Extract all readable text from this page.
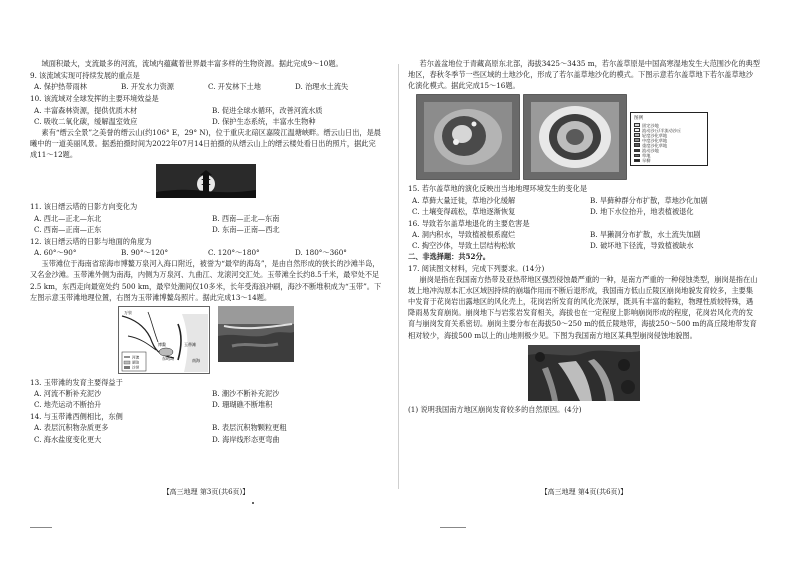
域面积最大，支流最多的河流，流域内蕴藏着世界最丰富多样的生物资源。据此完成9～10题。
9. 该流域实现可持续发展的重点是
A. 保护热带雨林	B. 开发水力资源	C. 开发林下土地	D. 治理水土流失
10. 该流域对全球发挥的主要环境效益是
A. 丰富森林资源，提供优质木材	B. 促进全球水循环，改善河流水质
C. 吸收二氧化碳，缓解温室效应	D. 保护生态系统，丰富水生物种
素有“缙云全景”之美誉的缙云山(约106° E，29° N)，位于重庆北碚区嘉陵江温塘峡畔。缙云山日出，是晨曦中的一道美丽风景。据悉拍摄时间为2022年07月14日拍摄的从缙云山上的缙云楼处看日出的照片，据此完成11～12题。
11. 该日缙云塔的日影方向变化为
A. 西北—正北—东北	B. 西南—正北—东南
C. 西南—正南—正东	D. 东南—正南—西北
12. 该日缙云塔的日影与地面的角度为
A. 60°～90°	B. 90°～120°	C. 120°～180°	D. 180°～360°
玉带滩位于海南省琼海市博鳌万泉河入海口附近，被誉为“最窄的海岛”，是由自然形成的狭长的沙滩半岛，又名金沙滩。玉带滩外侧为南海，内侧为万泉河、九曲江、龙滚河交汇处。玉带滩全长约8.5千米，最窄处不足2.5 km，东西走向最宽处约 500 km，最窄处潮间仅10多米，长年受海浪冲刷，海沙不断堆积成为“玉带”。下左图示意玉带滩地理位置，右图为玉带滩博鳌岛照片。据此完成13～14题。
河流
湖泊
沙坝
万泉
博鳌
东屿岛
玉带滩
南海
13. 玉带滩的发育主要得益于
A. 河流不断补充泥沙	B. 潮沙不断补充泥沙
C. 地壳运动不断抬升	D. 珊瑚礁不断堆积
14. 与玉带滩西侧相比，东侧
A. 表层沉积物杂质更多	B. 表层沉积物颗粒更粗
C. 海水盐度变化更大	D. 海岸线形态更弯曲
【高三地理 第3页(共6页)】
若尔盖盆地位于青藏高原东北部，海拔3425～3435 m，若尔盖草原是中国高寒湿地发生大范围沙化的典型地区，春秋冬季节一些区域的土地沙化，形成了若尔盖草地沙化的模式。下图示意若尔盖草地下若尔盖草地沙化演化模式。据此完成15～16题。
图例
固定沙地
流动沙丘/半流动沙丘
轻度沙化草地
中度沙化草地
重度沙化草地
流动沙地
草地
旱柳
15. 若尔盖草地的演化反映出当地地理环境发生的变化是
A. 草藓大量迁徙，草地沙化缓解	B. 旱藓种群分布扩散，草地沙化加剧
C. 土壤变得疏松，草地逐渐恢复	D. 地下水位抬升，地表植被退化
16. 导致若尔盖草地退化的主要危害是
A. 洞内积水，导致植被根系腐烂	B. 旱獭洞分布扩散，水土流失加剧
C. 掏空沙体，导致土层结构松软	D. 破坏地下径流，导致植被缺水
二、非选择题：共52分。
17. 阅读图文材料，完成下列要求。(14分)
崩岗是指在我国南方热带及亚热带地区强烈侵蚀最严重的一种，是南方严重的一种侵蚀类型，崩岗是指在山坡上地冲沟原本汇水区域因持续的崩塌作用而不断后退形成，我国南方低山丘陵区崩岗地貌发育较多，主要集中发育于花岗岩出露地区的风化壳上，花岗岩所发育的风化壳深厚，既具有丰富的黏粒，物理性质较特殊，遇降雨易发育崩岗。崩岗地下与岩浆岩发育相关，海拔也在一定程度上影响崩岗形成的程度，花岗岩风化壳的发育与崩岗发育关系密切。崩岗主要分布在海拔50～250 m的低丘陵地带，海拔250～500 m的高丘陵地带发育相对较少，海拔500 m以上的山地则极少见。下图为我国南方地区某典型崩岗侵蚀地貌图。
(1) 说明我国南方地区崩岗发育较多的自然原因。(4分)
【高三地理 第4页(共6页)】
